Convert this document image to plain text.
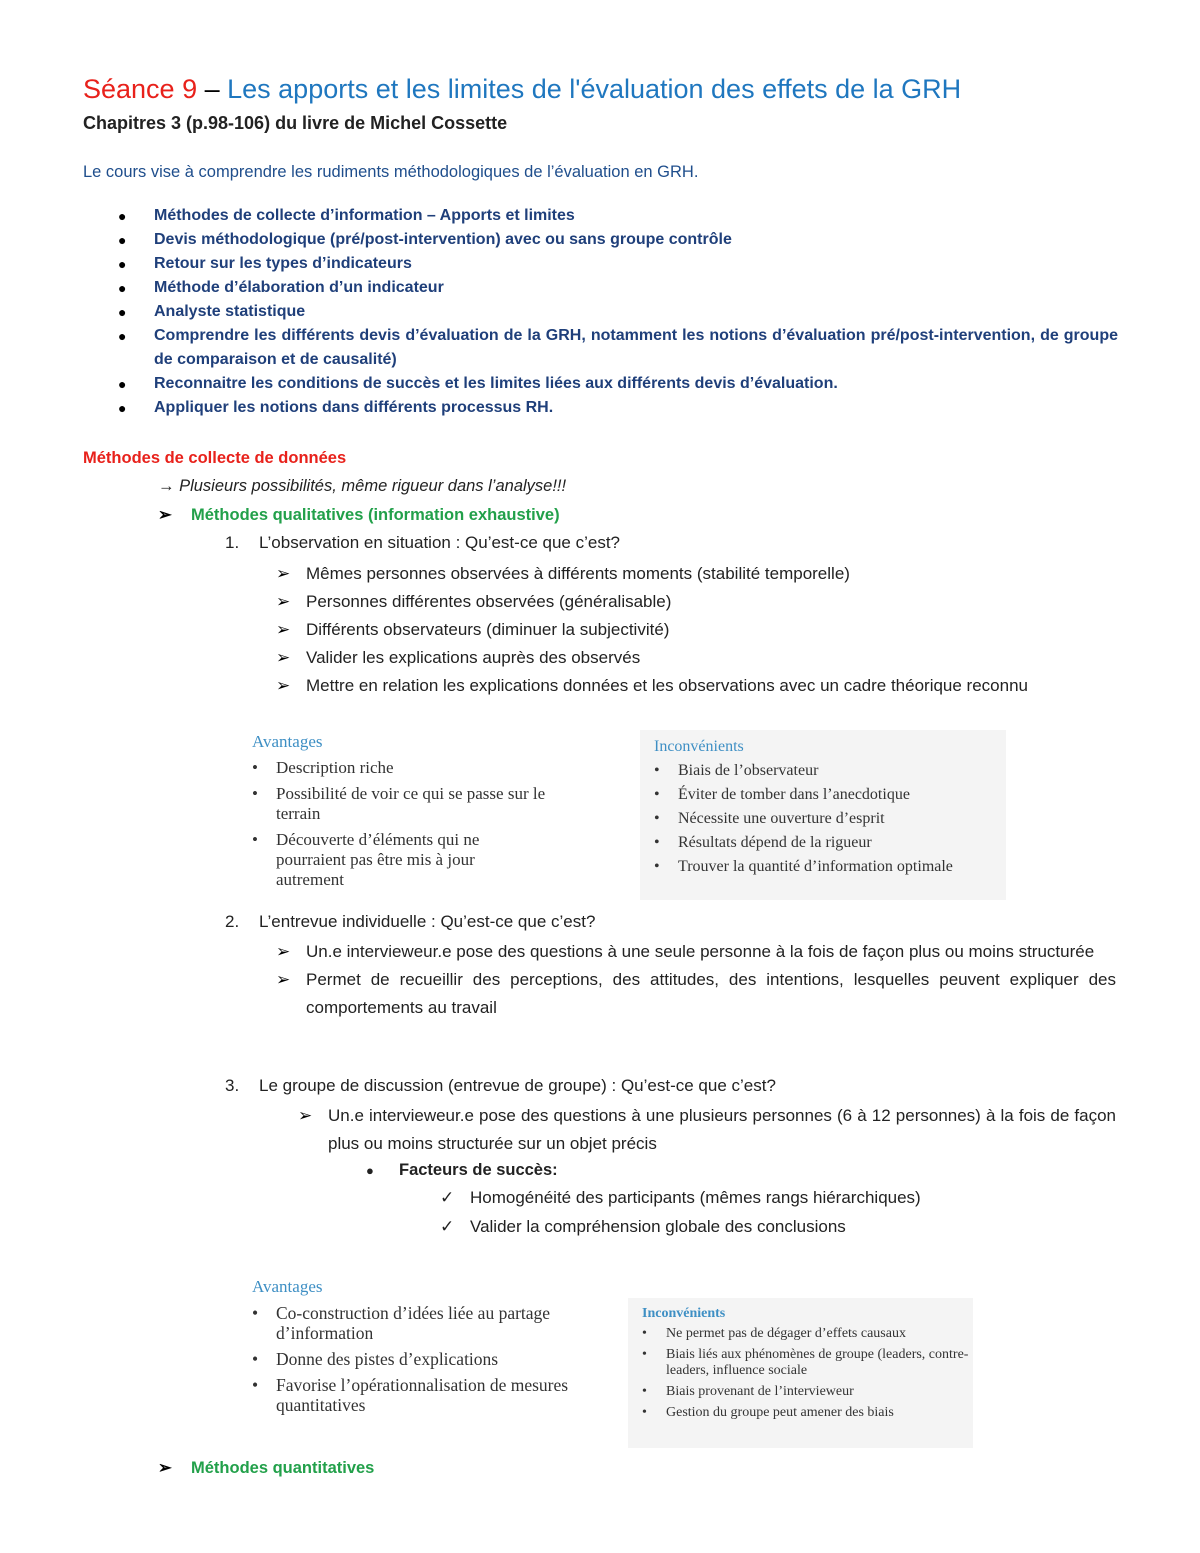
Séance 9 – Les apports et les limites de l'évaluation des effets de la GRH
Chapitres 3 (p.98-106) du livre de Michel Cossette
Le cours vise à comprendre les rudiments méthodologiques de l’évaluation en GRH.
● Méthodes de collecte d’information – Apports et limites
● Devis méthodologique (pré/post-intervention) avec ou sans groupe contrôle
● Retour sur les types d’indicateurs
● Méthode d’élaboration d’un indicateur
● Analyste statistique
● Comprendre les différents devis d’évaluation de la GRH, notamment les notions d’évaluation pré/post-intervention, de groupe de comparaison et de causalité)
● Reconnaitre les conditions de succès et les limites liées aux différents devis d’évaluation.
● Appliquer les notions dans différents processus RH.
Méthodes de collecte de données
→ Plusieurs possibilités, même rigueur dans l’analyse!!!
➢ Méthodes qualitatives (information exhaustive)
1. L’observation en situation : Qu’est-ce que c’est?
➢ Mêmes personnes observées à différents moments (stabilité temporelle)
➢ Personnes différentes observées (généralisable)
➢ Différents observateurs (diminuer la subjectivité)
➢ Valider les explications auprès des observés
➢ Mettre en relation les explications données et les observations avec un cadre théorique reconnu
Avantages
• Description riche
• Possibilité de voir ce qui se passe sur le terrain
• Découverte d’éléments qui ne pourraient pas être mis à jour autrement
Inconvénients
• Biais de l’observateur
• Éviter de tomber dans l’anecdotique
• Nécessite une ouverture d’esprit
• Résultats dépend de la rigueur
• Trouver la quantité d’information optimale
2. L’entrevue individuelle : Qu’est-ce que c’est?
➢ Un.e intervieweur.e pose des questions à une seule personne à la fois de façon plus ou moins structurée
➢ Permet de recueillir des perceptions, des attitudes, des intentions, lesquelles peuvent expliquer des comportements au travail
3. Le groupe de discussion (entrevue de groupe) : Qu’est-ce que c’est?
➢ Un.e intervieweur.e pose des questions à une plusieurs personnes (6 à 12 personnes) à la fois de façon plus ou moins structurée sur un objet précis
● Facteurs de succès:
✓ Homogénéité des participants (mêmes rangs hiérarchiques)
✓ Valider la compréhension globale des conclusions
Avantages
• Co-construction d’idées liée au partage d’information
• Donne des pistes d’explications
• Favorise l’opérationnalisation de mesures quantitatives
Inconvénients
• Ne permet pas de dégager d’effets causaux
• Biais liés aux phénomènes de groupe (leaders, contre-leaders, influence sociale
• Biais provenant de l’intervieweur
• Gestion du groupe peut amener des biais
➢ Méthodes quantitatives
